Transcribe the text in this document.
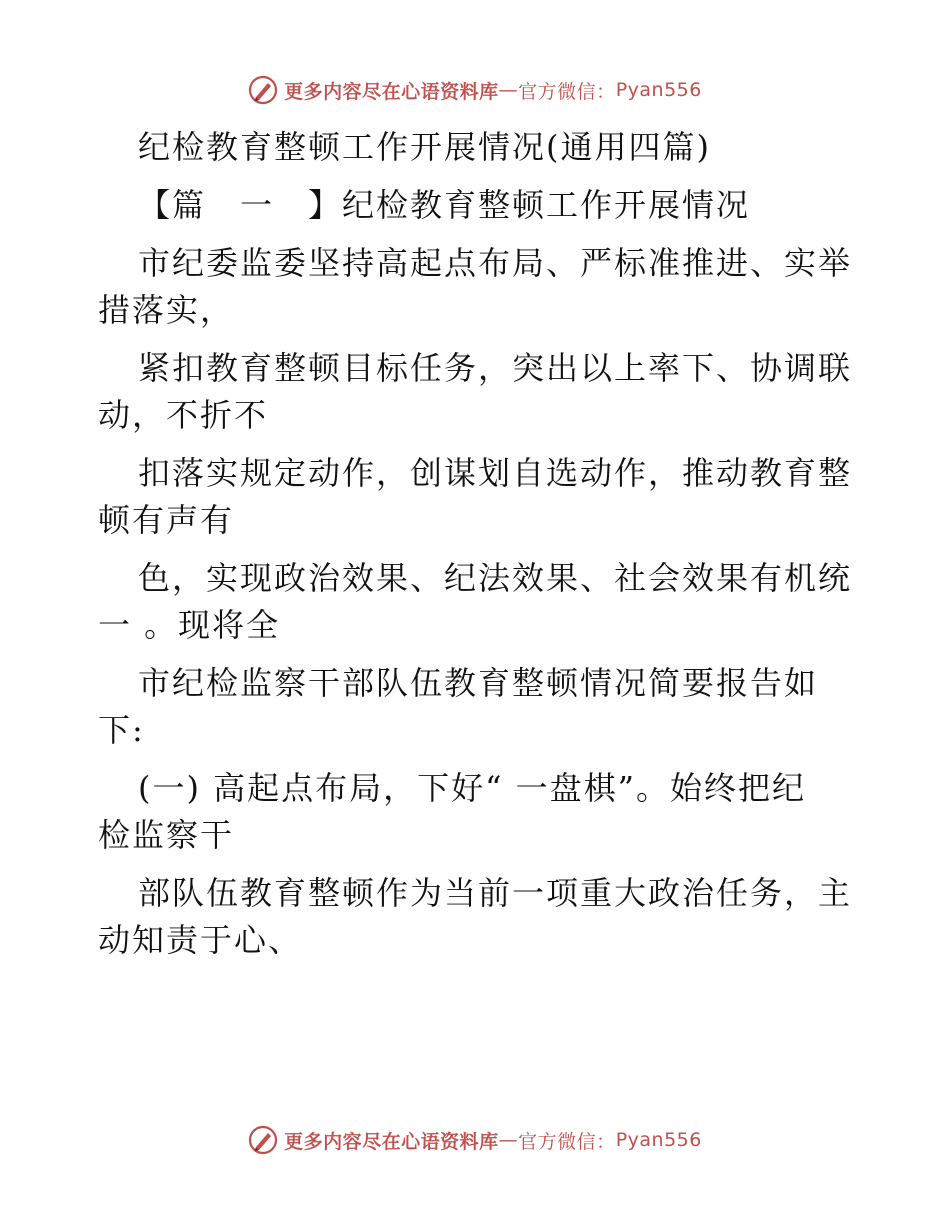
更多内容尽在心语资料库 — 官方微信： Pyan556
纪检教育整顿工作开展情况(通用四篇)
【篇　一　】纪检教育整顿工作开展情况
市纪委监委坚持高起点布局、严标准推进、实举
措落实，
紧扣教育整顿目标任务，突出以上率下、协调联
动，不折不
扣落实规定动作，创谋划自选动作，推动教育整
顿有声有
色，实现政治效果、纪法效果、社会效果有机统
一 。现将全
市纪检监察干部队伍教育整顿情况简要报告如
下:
(一) 高起点布局，下好“ 一盘棋”。始终把纪
检监察干
部队伍教育整顿作为当前一项重大政治任务，主
动知责于心、
更多内容尽在心语资料库 — 官方微信： Pyan556
